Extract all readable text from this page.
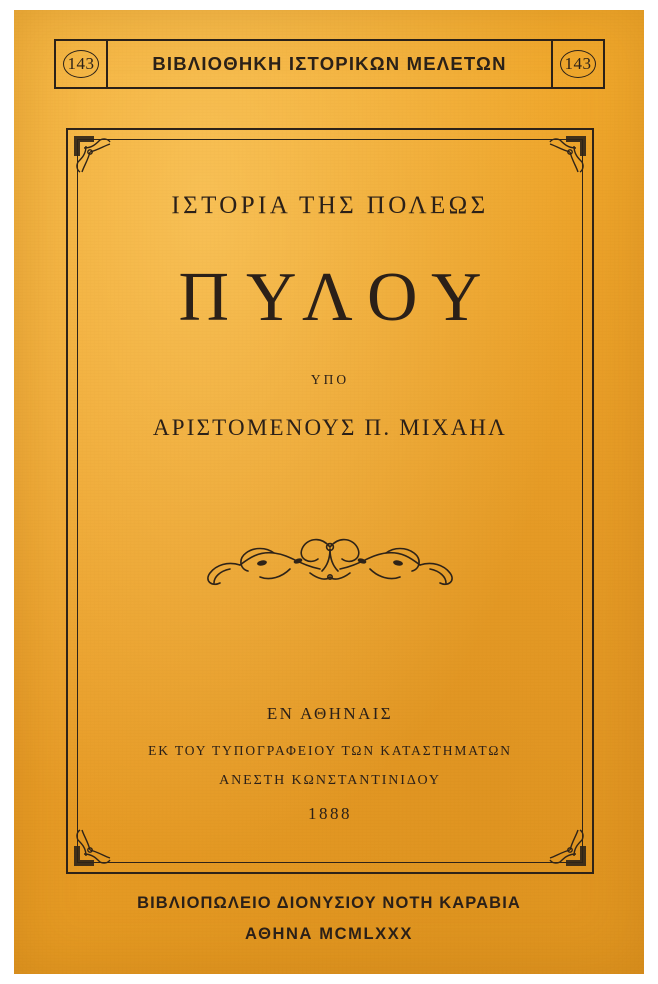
143	ΒΙΒΛΙΟΘΗΚΗ ΙΣΤΟΡΙΚΩΝ ΜΕΛΕΤΩΝ	143
ΙΣΤΟΡΙΑ ΤΗΣ ΠΟΛΕΩΣ
ΠΥΛΟΥ
ΥΠΟ
ΑΡΙΣΤΟΜΕΝΟΥΣ Π. ΜΙΧΑΗΛ
ΕΝ ΑΘΗΝΑΙΣ
ΕΚ ΤΟΥ ΤΥΠΟΓΡΑΦΕΙΟΥ ΤΩΝ ΚΑΤΑΣΤΗΜΑΤΩΝ
ΑΝΕΣΤΗ ΚΩΝΣΤΑΝΤΙΝΙΔΟΥ
1888
ΒΙΒΛΙΟΠΩΛΕΙΟ ΔΙΟΝΥΣΙΟΥ ΝΟΤΗ ΚΑΡΑΒΙΑ
ΑΘΗΝΑ MCMLXXX
